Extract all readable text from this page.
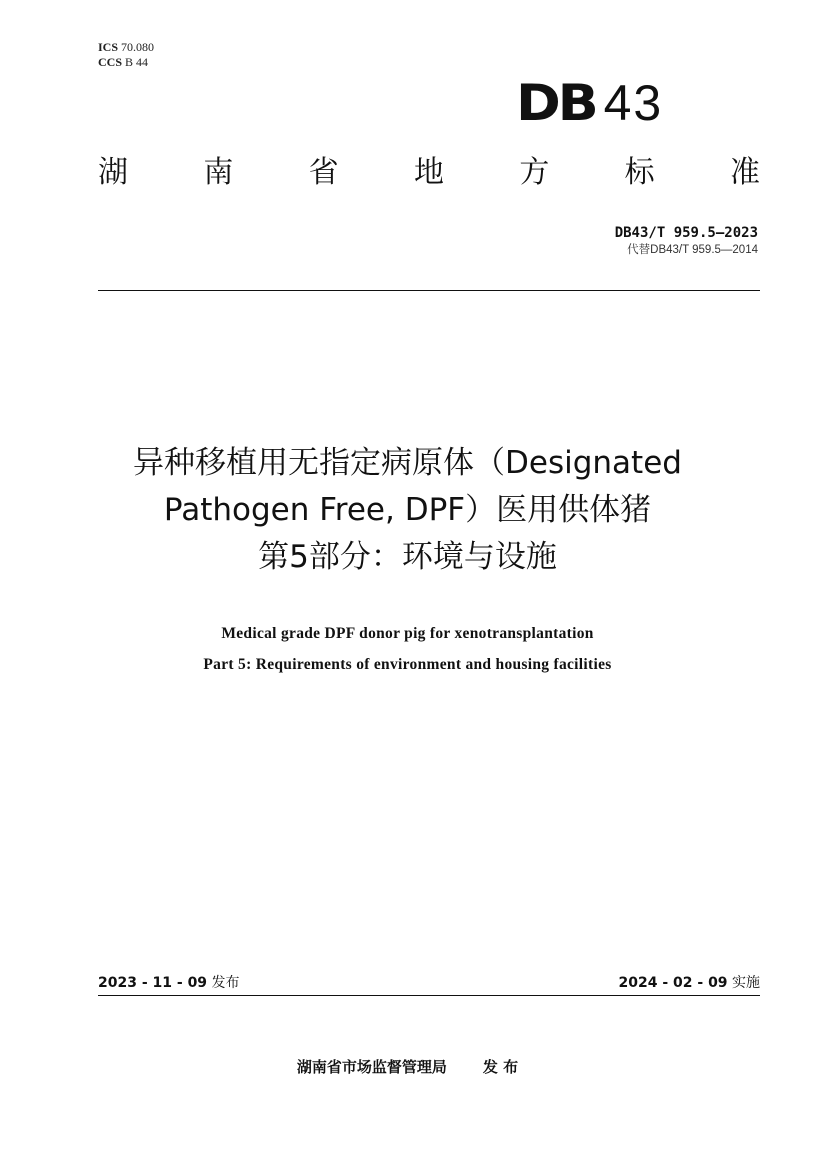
ICS 70.080
CCS B 44
DB 43
湖	南	省	地	方	标	准
DB43/T 959.5—2023
代替DB43/T 959.5—2014
异种移植用无指定病原体（Designated
Pathogen Free, DPF）医用供体猪
第5部分：环境与设施
Medical grade DPF donor pig for xenotransplantation
Part 5: Requirements of environment and housing facilities
2023 - 11 - 09 发布	2024 - 02 - 09 实施
湖南省市场监督管理局 发 布
